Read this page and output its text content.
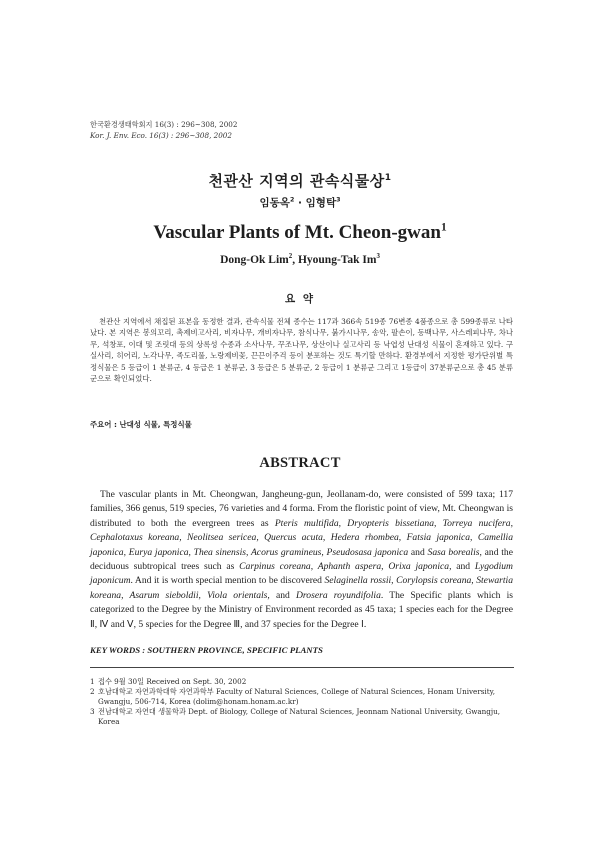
한국환경생태학회지 16(3) : 296~308, 2002
Kor. J. Env. Eco. 16(3) : 296~308, 2002
천관산 지역의 관속식물상$^1$
임동옥$^2$ · 임형탁$^3$
Vascular Plants of Mt. Cheon-gwan$^1$
Dong-Ok Lim$^2$, Hyoung-Tak Im$^3$
요 약
천관산 지역에서 채집된 표본을 동정한 결과, 관속식물 전체 종수는 117과 366속 519종 76변종 4품종으로 총 599종류로 나타났다. 본 지역은 봉의꼬리, 촉제비고사리, 비자나무, 개비자나무, 참식나무, 붉가시나무, 송악, 팔손이, 동백나무, 사스레피나무, 차나무, 석창포, 이대 및 조릿대 등의 상록성 수종과 소사나무, 꾸조나무, 상산이나 실고사리 등 낙엽성 난대성 식물이 혼재하고 있다. 구실사리, 히어리, 노각나무, 족도리풀, 노랑제비꽃, 끈끈이주걱 등이 분포하는 것도 특기할 만하다. 환경부에서 지정한 평가단위별 특정식물은 5 등급이 1 분류군, 4 등급은 1 분류군, 3 등급은 5 분류군, 2 등급이 1 분류군 그리고 1등급이 37분류군으로 총 45 분류군으로 확인되었다.
주요어 : 난대성 식물, 특정식물
ABSTRACT
The vascular plants in Mt. Cheongwan, Jangheung-gun, Jeollanam-do, were consisted of 599 taxa; 117 families, 366 genus, 519 species, 76 varieties and 4 forma. From the floristic point of view, Mt. Cheongwan is distributed to both the evergreen trees as Pteris multifida, Dryopteris bissetiana, Torreya nucifera, Cephalotaxus koreana, Neolitsea sericea, Quercus acuta, Hedera rhombea, Fatsia japonica, Camellia japonica, Eurya japonica, Thea sinensis, Acorus gramineus, Pseudosasa japonica and Sasa borealis, and the deciduous subtropical trees such as Carpinus coreana, Aphanth aspera, Orixa japonica, and Lygodium japonicum. And it is worth special mention to be discovered Selaginella rossii, Corylopsis coreana, Stewartia koreana, Asarum sieboldii, Viola orientals, and Drosera royundifolia. The Specific plants which is categorized to the Degree by the Ministry of Environment recorded as 45 taxa; 1 species each for the Degree Ⅱ, Ⅳ and Ⅴ, 5 species for the Degree Ⅲ, and 37 species for the Degree Ⅰ.
KEY WORDS : SOUTHERN PROVINCE, SPECIFIC PLANTS
1 접수 9월 30일 Received on Sept. 30, 2002
2 호남대학교 자연과학대학 자연과학부 Faculty of Natural Sciences, College of Natural Sciences, Honam University, Gwangju, 506-714, Korea (dolim@honam.honam.ac.kr)
3 전남대학교 자연대 생물학과 Dept. of Biology, College of Natural Sciences, Jeonnam National University, Gwangju, Korea
